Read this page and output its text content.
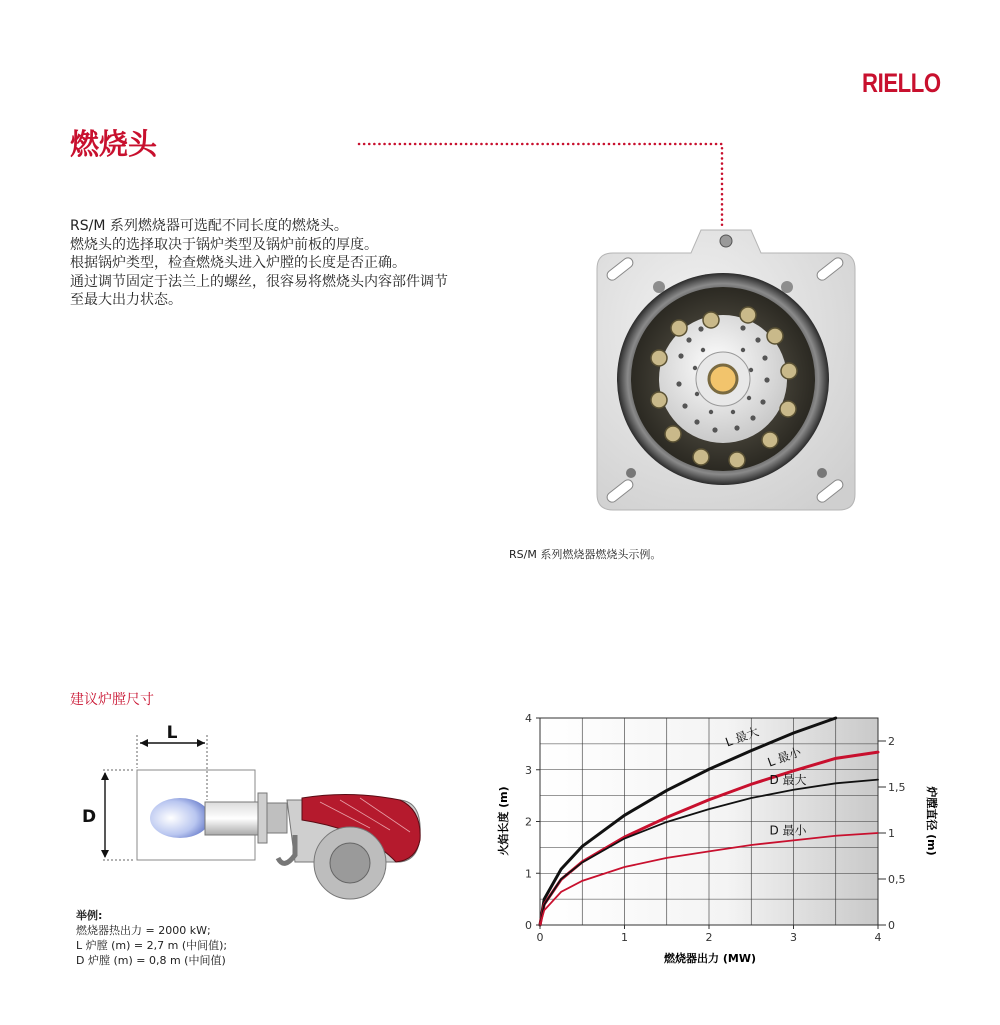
RIELLO
燃烧头
RS/M 系列燃烧器可选配不同长度的燃烧头。
燃烧头的选择取决于锅炉类型及锅炉前板的厚度。
根据锅炉类型，检查燃烧头进入炉膛的长度是否正确。
通过调节固定于法兰上的螺丝，很容易将燃烧头内容部件调节
至最大出力状态。
RS/M 系列燃烧器燃烧头示例。
建议炉膛尺寸
L
D
举例:
燃烧器热出力 = 2000 kW;
L 炉膛 (m) = 2,7 m (中间值);
D 炉膛 (m) = 0,8 m (中间值)
L 最大
L 最小
D 最大
D 最小
0	1	2	3	4
0
1
2
3
4
0
0,5
1
1,5
2
火焰长度 (m)	炉膛直径 (m)
燃烧器出力 (MW)
